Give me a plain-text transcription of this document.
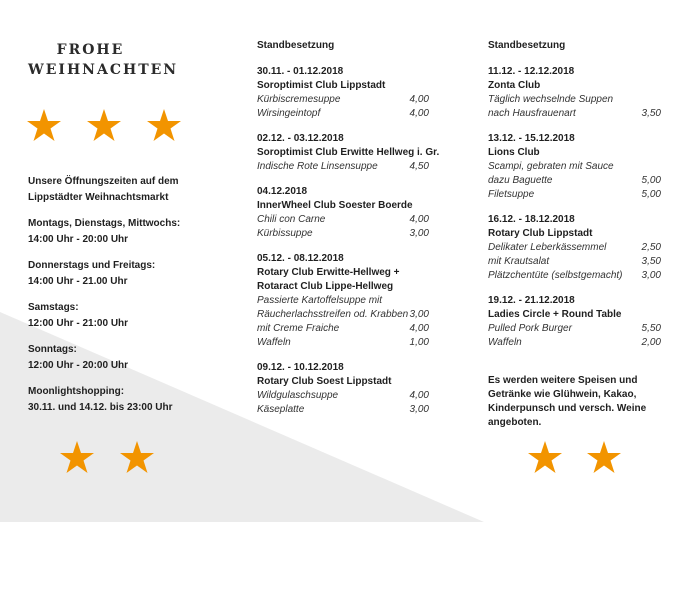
FROHE
WEIHNACHTEN
Unsere Öffnungszeiten auf dem
Lippstädter Weihnachtsmarkt
Montags, Dienstags, Mittwochs:
14:00 Uhr - 20:00 Uhr
Donnerstags und Freitags:
14:00 Uhr - 21.00 Uhr
Samstags:
12:00 Uhr - 21:00 Uhr
Sonntags:
12:00 Uhr - 20:00 Uhr
Moonlightshopping:
30.11. und 14.12. bis 23:00 Uhr
Standbesetzung
30.11. - 01.12.2018
Soroptimist Club Lippstadt
Kürbiscremesuppe	4,00
Wirsingeintopf	4,00
02.12. - 03.12.2018
Soroptimist Club Erwitte Hellweg i. Gr.
Indische Rote Linsensuppe	4,50
04.12.2018
InnerWheel Club Soester Boerde
Chili con Carne	4,00
Kürbissuppe	3,00
05.12. - 08.12.2018
Rotary Club Erwitte-Hellweg +
Rotaract Club Lippe-Hellweg
Passierte Kartoffelsuppe mit
Räucherlachsstreifen od. Krabben 3,00
mit Creme Fraiche	4,00
Waffeln	1,00
09.12. - 10.12.2018
Rotary Club Soest Lippstadt
Wildgulaschsuppe	4,00
Käseplatte	3,00
Standbesetzung
11.12. - 12.12.2018
Zonta Club
Täglich wechselnde Suppen
nach Hausfrauenart	3,50
13.12. - 15.12.2018
Lions Club
Scampi, gebraten mit Sauce
dazu Baguette	5,00
Filetsuppe	5,00
16.12. - 18.12.2018
Rotary Club Lippstadt
Delikater Leberkässemmel	2,50
mit Krautsalat	3,50
Plätzchentüte (selbstgemacht) 3,00
19.12. - 21.12.2018
Ladies Circle + Round Table
Pulled Pork Burger	5,50
Waffeln	2,00
Es werden weitere Speisen und
Getränke wie Glühwein, Kakao,
Kinderpunsch und versch. Weine
angeboten.
